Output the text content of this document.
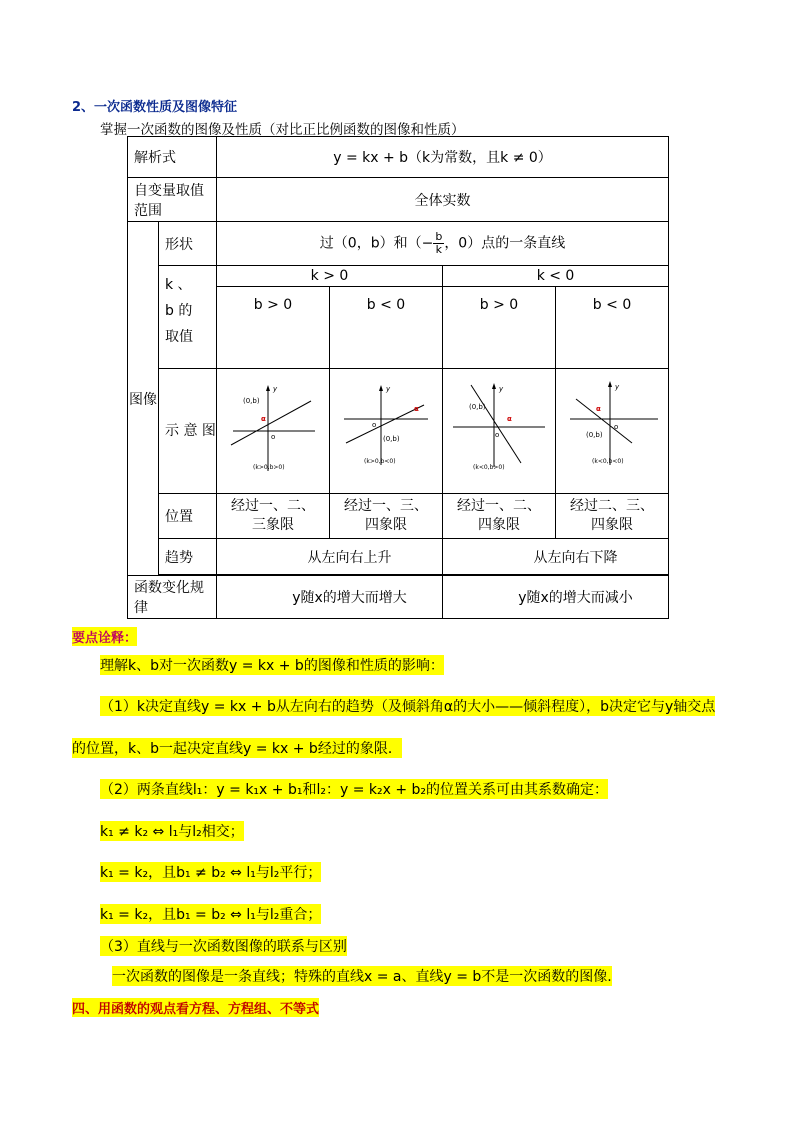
2、一次函数性质及图像特征
掌握一次函数的图像及性质（对比正比例函数的图像和性质）
解析式		y = kx + b（k为常数，且k ≠ 0）			
自变量取值范围		全体实数			
图像	形状	过（0，b）和（− $\frac{b}{k}$ ，0）点的一条直线			

	k 、
b 的
取值	k > 0		k < 0	
		b > 0	b < 0	b > 0	b < 0
	示 意 图	y
(0,b)
α
o
(k>0,b>0)	y
α
o
(0,b)
(k>0,b<0)	y
(0,b)
α
o
(k<0,b>0)	y
α
o
(0,b)
(k<0,b<0)

	位置	经过一、二、三象限	经过一、三、四象限	经过一、二、四象限	经过二、三、四象限
	趋势	从左向右上升		从左向右下降	

函数变化规律		y随x的增大而增大		y随x的增大而减小	
要点诠释：
理解k、b对一次函数y = kx + b的图像和性质的影响：
（1）k决定直线y = kx + b从左向右的趋势（及倾斜角α的大小——倾斜程度），b决定它与y轴交点
的位置，k、b一起决定直线y = kx + b经过的象限．
（2）两条直线l₁：y = k₁x + b₁和l₂：y = k₂x + b₂的位置关系可由其系数确定：
k₁ ≠ k₂ ⇔ l₁与l₂相交；
k₁ = k₂，且b₁ ≠ b₂ ⇔ l₁与l₂平行；
k₁ = k₂，且b₁ = b₂ ⇔ l₁与l₂重合；
（3）直线与一次函数图像的联系与区别
一次函数的图像是一条直线；特殊的直线x = a、直线y = b不是一次函数的图像.
四、用函数的观点看方程、方程组、不等式
